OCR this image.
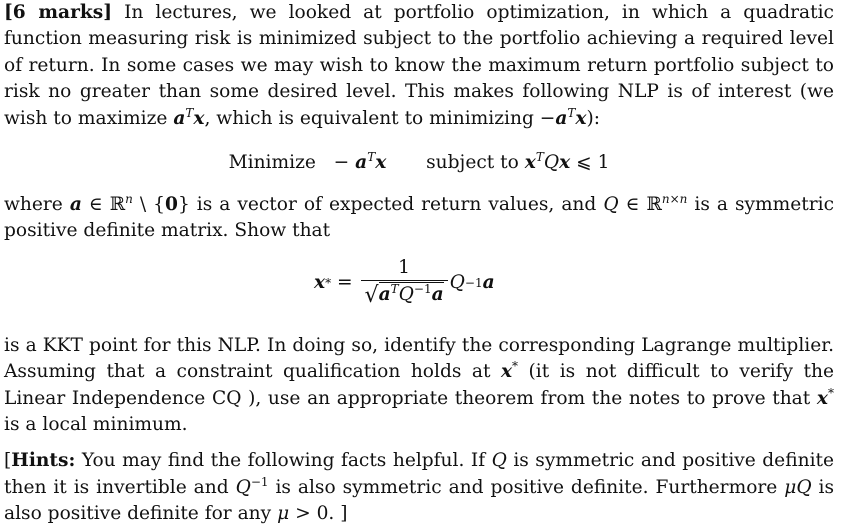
[6 marks] In lectures, we looked at portfolio optimization, in which a quadratic function measuring risk is minimized subject to the portfolio achieving a required level of return. In some cases we may wish to know the maximum return portfolio subject to risk no greater than some desired level. This makes following NLP is of interest (we wish to maximize $a^Tx$, which is equivalent to minimizing $-a^Tx$):

Minimize − $a^Tx$ subject to $x^TQx$ ⩽ 1

where a ∈ ℝ$^n$ \ {0} is a vector of expected return values, and Q ∈ ℝ$^{n\times n}$ is a symmetric positive definite matrix. Show that

x *
=
$\frac{1}{√a^TQ^{-1}a}$ Q −1 a

is a KKT point for this NLP. In doing so, identify the corresponding Lagrange multiplier. Assuming that a constraint qualification holds at x* (it is not difficult to verify the Linear Independence CQ ), use an appropriate theorem from the notes to prove that x* is a local minimum.

[Hints: You may find the following facts helpful. If Q is symmetric and positive definite then it is invertible and $Q^{-1}$ is also symmetric and positive definite. Furthermore μQ is also positive definite for any μ > 0. ]
